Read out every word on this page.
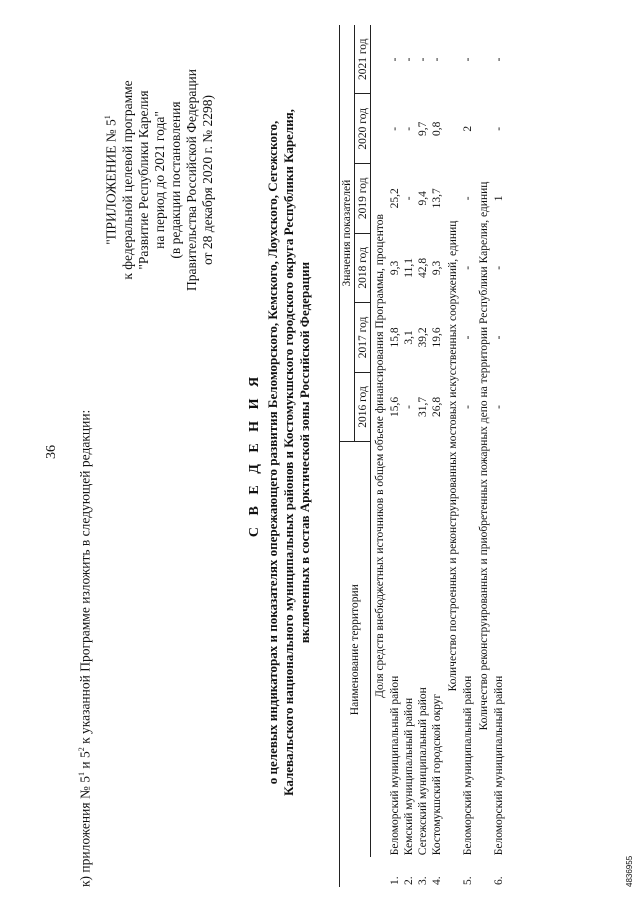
36
к) приложения № $5^1$ и $5^2$ к указанной Программе изложить в следующей редакции:
"ПРИЛОЖЕНИЕ № $5^1$ к федеральной целевой программе "Развитие Республики Карелия на период до 2021 года" (в редакции постановления Правительства Российской Федерации от 28 декабря 2020 г. № 2298)
С В Е Д Е Н И Я о целевых индикаторах и показателях опережающего развития Беломорского, Кемского, Лоухского, Сегежского, Калевальского национального муниципальных районов и Костомукшского городского округа Республики Карелия, включенных в состав Арктической зоны Российской Федерации
	Наименование территории	Значения показателей					
		2016 год	2017 год	2018 год	2019 год	2020 год	2021 год
Доля средств внебюджетных источников в общем объеме финансирования Программы, процентов							
1.	Беломорский муниципальный район	15,6	15,8	9,3	25,2	-	-
2.	Кемский муниципальный район	-	3,1	11,1	-	-	-
3.	Сегежский муниципальный район	31,7	39,2	42,8	9,4	9,7	-
4.	Костомукшский городской округ	26,8	19,6	9,3	13,7	0,8	-
Количество построенных и реконструированных мостовых искусственных сооружений, единиц							
5.	Беломорский муниципальный район	-	-	-	-	2	-
Количество реконструированных и приобретенных пожарных депо на территории Республики Карелия, единиц							
6.	Беломорский муниципальный район	-	-	-	1	-	-
4836955
